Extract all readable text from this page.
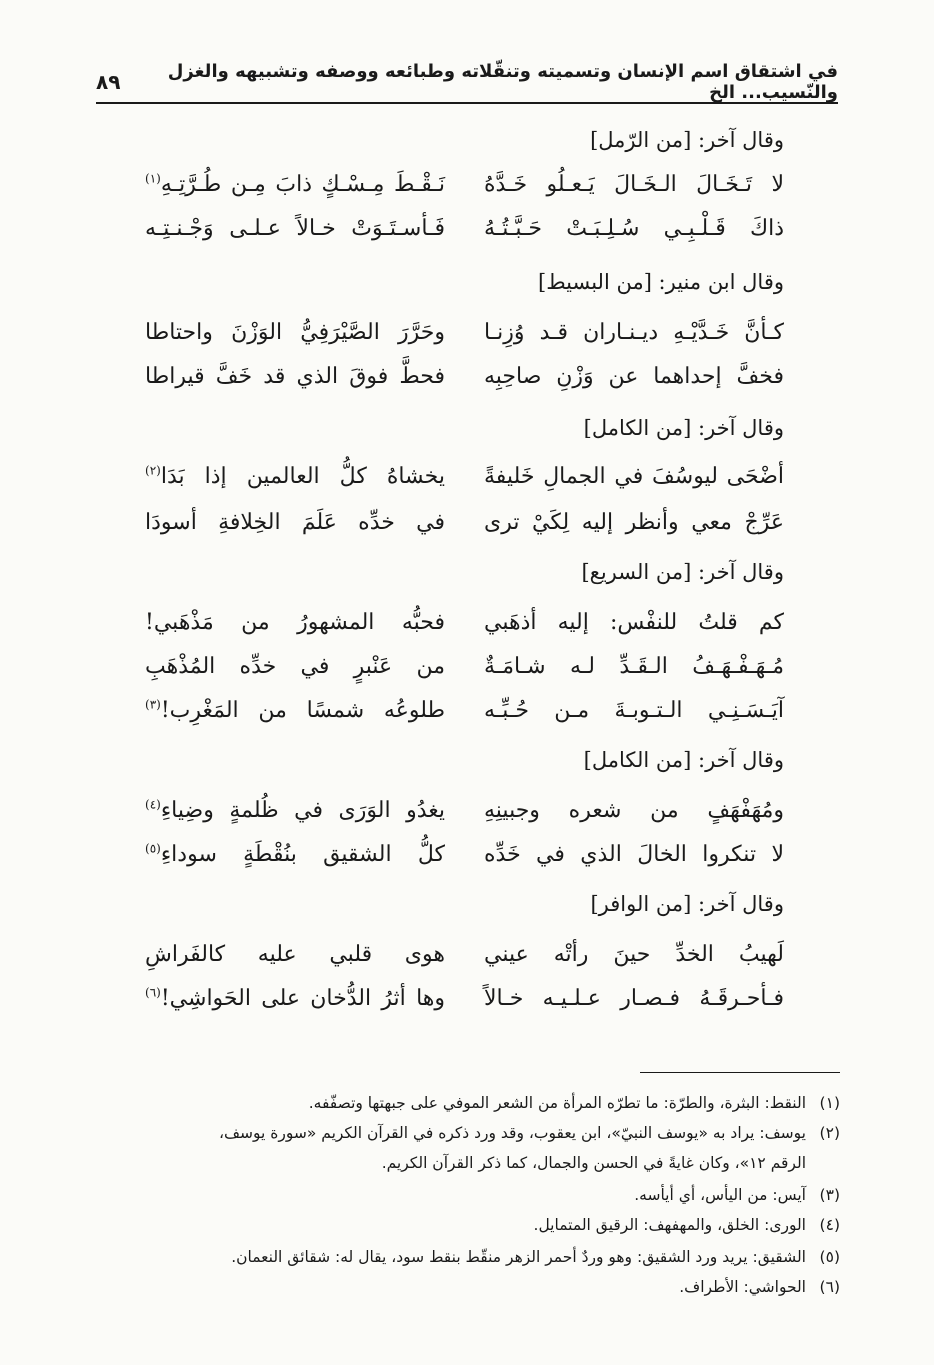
في اشتقاق اسم الإنسان وتسميته وتنقّلاته وطبائعه ووصفه وتشبيهه والغزل والنّسيب... الخ
٨٩
وقال آخر: [من الرّمل]
لا تَـخَـالَ الـخَـالَ يَـعـلُو خَـدَّهُ
نَـقْـطَ مِـسْـكٍ ذابَ مِـن طُـرَّتِـهِ$^{(١)}$
ذاكَ قَـلْـبِـي سُـلِـبَـتْ حَـبَّـتُـهُ
فَـأسـتَـوَتْ خـالاً عـلـى وَجْـنـتِـه
وقال ابن منير: [من البسيط]
كـأنَّ خَـدَّيْـهِ ديـنـاران قـد وُزِنـا
وحَرَّرَ الصَّيْرَفِيُّ الوَزْنَ واحتاطا
فخفَّ إحداهما عن وَزْنِ صاحِبِه
فحطَّ فوقَ الذي قد خَفَّ قيراطا
وقال آخر: [من الكامل]
أضْحَى ليوسُفَ في الجمالِ خَليفةً
يخشاهُ كلُّ العالمين إذا بَدَا$^{(٢)}$
عَرِّجْ معي وأنظر إليه لِكَيْ ترى
في خدِّه عَلَمَ الخِلافةِ أسودَا
وقال آخر: [من السريع]
كم قلتُ للنفْس: إليه أذهَبي
فحبُّه المشهورُ من مَذْهَبي!
مُـهَـفْـهَـفُ الـقَـدِّ لـه شـامَـةٌ
من عَنْبرٍ في خدِّه المُذْهَبِ
آيَـسَـنِـي الـتـوبـةَ مـن حُـبِّـه
طلوعُه شمسًا من المَغْرِب!$^{(٣)}$
وقال آخر: [من الكامل]
ومُهَفْهَفٍ من شعره وجبينِهِ
يغدُو الوَرَى في ظُلمةٍ وضِياءِ$^{(٤)}$
لا تنكروا الخالَ الذي في خَدِّه
كلُّ الشقيق بنُقْطَةٍ سوداءِ$^{(٥)}$
وقال آخر: [من الوافر]
لَهيبُ الخدِّ حينَ رأتْه عيني
هوى قلبي عليه كالفَراشِ
فـأحـرقَـهُ فـصـار عـلـيـه خـالاً
وها أثرُ الدُّخان على الحَواشِي!$^{(٦)}$
(١)النقط: البثرة، والطرّة: ما تطرّه المرأة من الشعر الموفي على جبهتها وتصفّفه.
(٢)يوسف: يراد به «يوسف النبيّ»، ابن يعقوب، وقد ورد ذكره في القرآن الكريم «سورة يوسف،
الرقم ١٢»، وكان غايةً في الحسن والجمال، كما ذكر القرآن الكريم.
(٣)آيس: من اليأس، أي أيأسه.
(٤)الورى: الخلق، والمهفهف: الرقيق المتمايل.
(٥)الشقيق: يريد ورد الشقيق: وهو وردٌ أحمر الزهر منقّط بنقط سود، يقال له: شقائق النعمان.
(٦)الحواشي: الأطراف.
